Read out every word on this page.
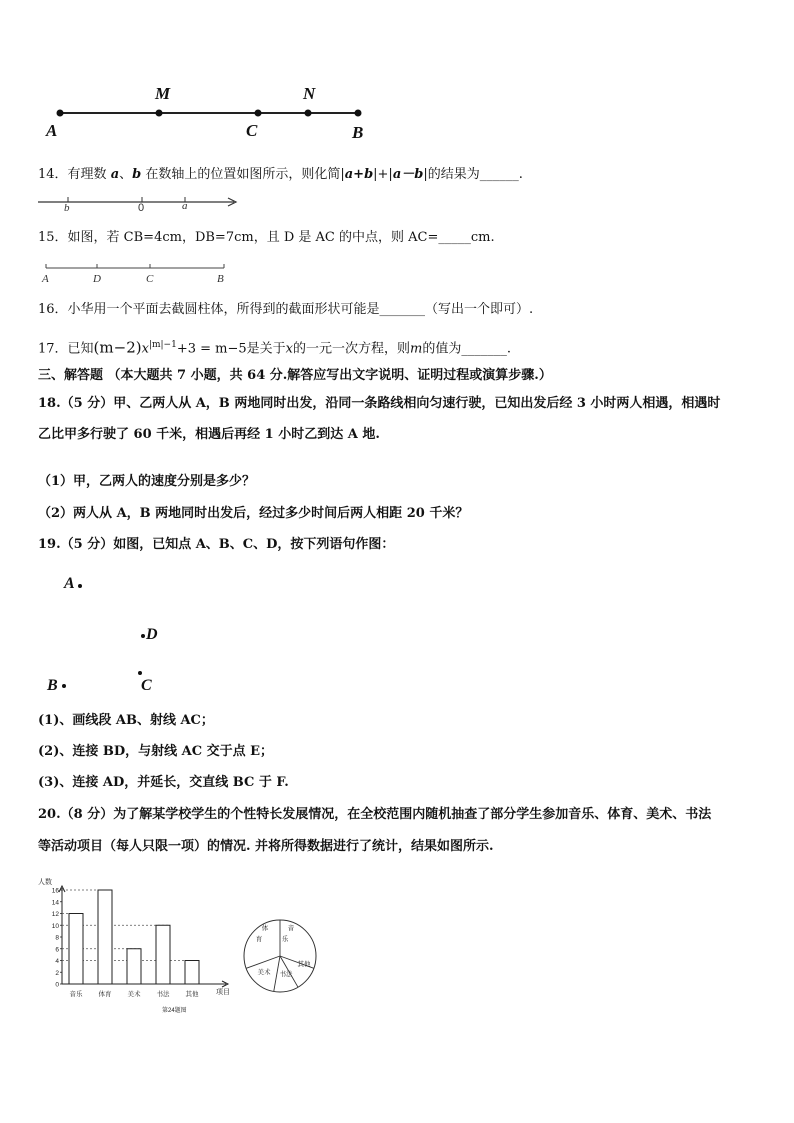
M	N
A	C	B
14．有理数 a、b 在数轴上的位置如图所示，则化简|a+b|+|a－b|的结果为______.
b	0	a
15．如图，若 CB=4cm，DB=7cm，且 D 是 AC 的中点，则 AC=_____cm.
A	D	C	B
16．小华用一个平面去截圆柱体，所得到的截面形状可能是_______（写出一个即可）.
17．已知$(m-2)x^{|m|-1}+3 = m-5$是关于x的一元一次方程，则m的值为_______.
三、解答题 （本大题共 7 小题，共 64 分.解答应写出文字说明、证明过程或演算步骤.）
18.（5 分）甲、乙两人从 A，B 两地同时出发，沿同一条路线相向匀速行驶，已知出发后经 3 小时两人相遇，相遇时
乙比甲多行驶了 60 千米，相遇后再经 1 小时乙到达 A 地.
（1）甲，乙两人的速度分别是多少？
（2）两人从 A，B 两地同时出发后，经过多少时间后两人相距 20 千米？
19.（5 分）如图，已知点 A、B、C、D，按下列语句作图：
A
D
C
B
(1)、画线段 AB、射线 AC；
(2)、连接 BD，与射线 AC 交于点 E；
(3)、连接 AD，并延长，交直线 BC 于 F.
20.（8 分）为了解某学校学生的个性特长发展情况，在全校范围内随机抽查了部分学生参加音乐、体育、美术、书法
等活动项目（每人只限一项）的情况. 并将所得数据进行了统计，结果如图所示.
人数
0
2
4
6
8
10
12
14
16
音乐 体育 美术 书法 其他	项目
第24题图
体
育
音
乐
其他
书法
美术
